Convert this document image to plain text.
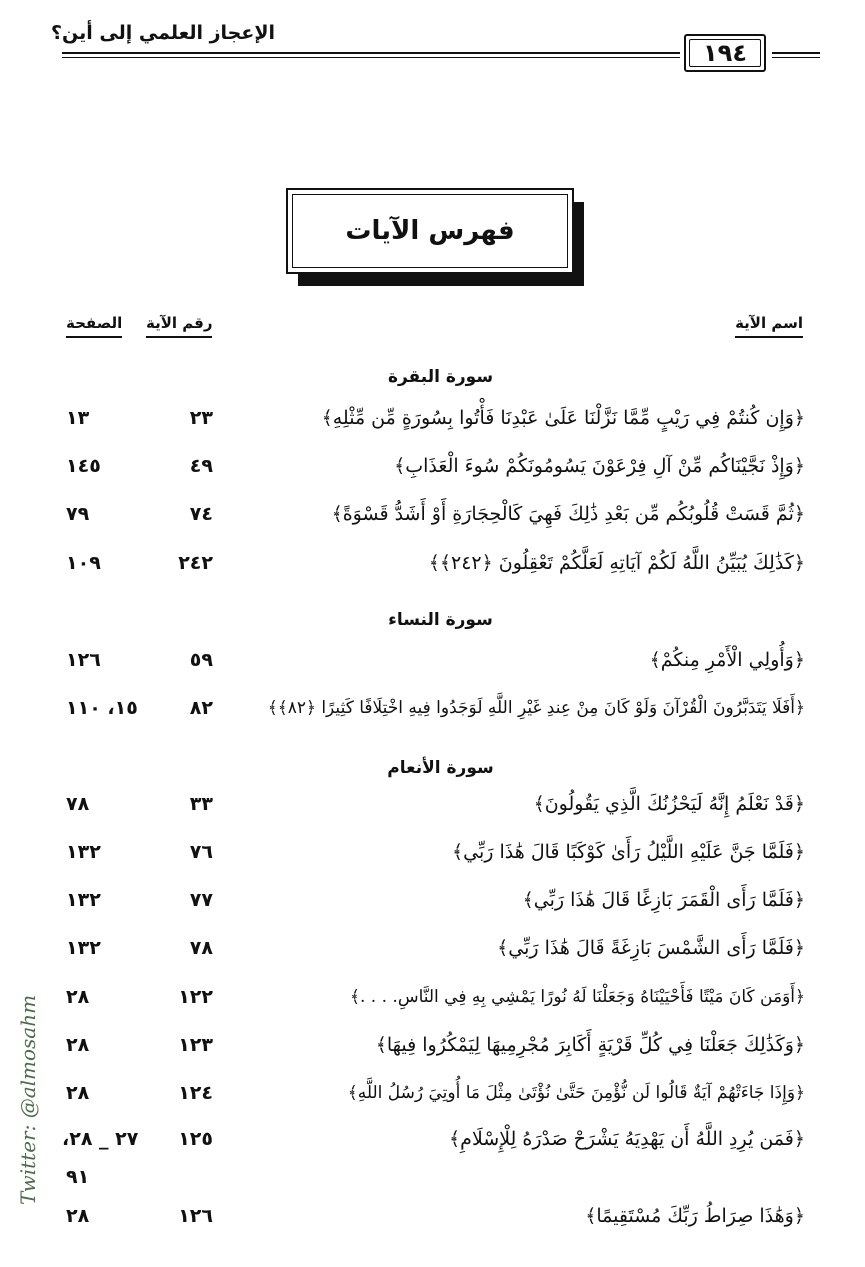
الإعجاز العلمي إلى أين؟
١٩٤
فهرس الآيات
اسم الآية
رقم الآية
الصفحة
سورة البقرة
﴿وَإِن كُنتُمْ فِي رَيْبٍ مِّمَّا نَزَّلْنَا عَلَىٰ عَبْدِنَا فَأْتُوا بِسُورَةٍ مِّن مِّثْلِهِ﴾
٢٣
١٣
﴿وَإِذْ نَجَّيْنَاكُم مِّنْ آلِ فِرْعَوْنَ يَسُومُونَكُمْ سُوءَ الْعَذَابِ﴾
٤٩
١٤٥
﴿ثُمَّ قَسَتْ قُلُوبُكُم مِّن بَعْدِ ذَٰلِكَ فَهِيَ كَالْحِجَارَةِ أَوْ أَشَدُّ قَسْوَةً﴾
٧٤
٧٩
﴿كَذَٰلِكَ يُبَيِّنُ اللَّهُ لَكُمْ آيَاتِهِ لَعَلَّكُمْ تَعْقِلُونَ ﴿٢٤٢﴾﴾
٢٤٢
١٠٩
سورة النساء
﴿وَأُولِي الْأَمْرِ مِنكُمْ﴾
٥٩
١٢٦
﴿أَفَلَا يَتَدَبَّرُونَ الْقُرْآنَ وَلَوْ كَانَ مِنْ عِندِ غَيْرِ اللَّهِ لَوَجَدُوا فِيهِ اخْتِلَافًا كَثِيرًا ﴿٨٢﴾﴾
٨٢
١٥، ١١٠
سورة الأنعام
﴿قَدْ نَعْلَمُ إِنَّهُ لَيَحْزُنُكَ الَّذِي يَقُولُونَ﴾
٣٣
٧٨
﴿فَلَمَّا جَنَّ عَلَيْهِ اللَّيْلُ رَأَىٰ كَوْكَبًا قَالَ هَٰذَا رَبِّي﴾
٧٦
١٣٢
﴿فَلَمَّا رَأَى الْقَمَرَ بَازِغًا قَالَ هَٰذَا رَبِّي﴾
٧٧
١٣٢
﴿فَلَمَّا رَأَى الشَّمْسَ بَازِغَةً قَالَ هَٰذَا رَبِّي﴾
٧٨
١٣٢
﴿أَوَمَن كَانَ مَيْتًا فَأَحْيَيْنَاهُ وَجَعَلْنَا لَهُ نُورًا يَمْشِي بِهِ فِي النَّاسِ. . . .﴾
١٢٢
٢٨
﴿وَكَذَٰلِكَ جَعَلْنَا فِي كُلِّ قَرْيَةٍ أَكَابِرَ مُجْرِمِيهَا لِيَمْكُرُوا فِيهَا﴾
١٢٣
٢٨
﴿وَإِذَا جَاءَتْهُمْ آيَةٌ قَالُوا لَن نُّؤْمِنَ حَتَّىٰ نُؤْتَىٰ مِثْلَ مَا أُوتِيَ رُسُلُ اللَّهِ﴾
١٢٤
٢٨
﴿فَمَن يُرِدِ اللَّهُ أَن يَهْدِيَهُ يَشْرَحْ صَدْرَهُ لِلْإِسْلَامِ﴾
١٢٥
٢٧ _ ٢٨،
٩١
﴿وَهَٰذَا صِرَاطُ رَبِّكَ مُسْتَقِيمًا﴾
١٢٦
٢٨
Twitter: @almosahm
